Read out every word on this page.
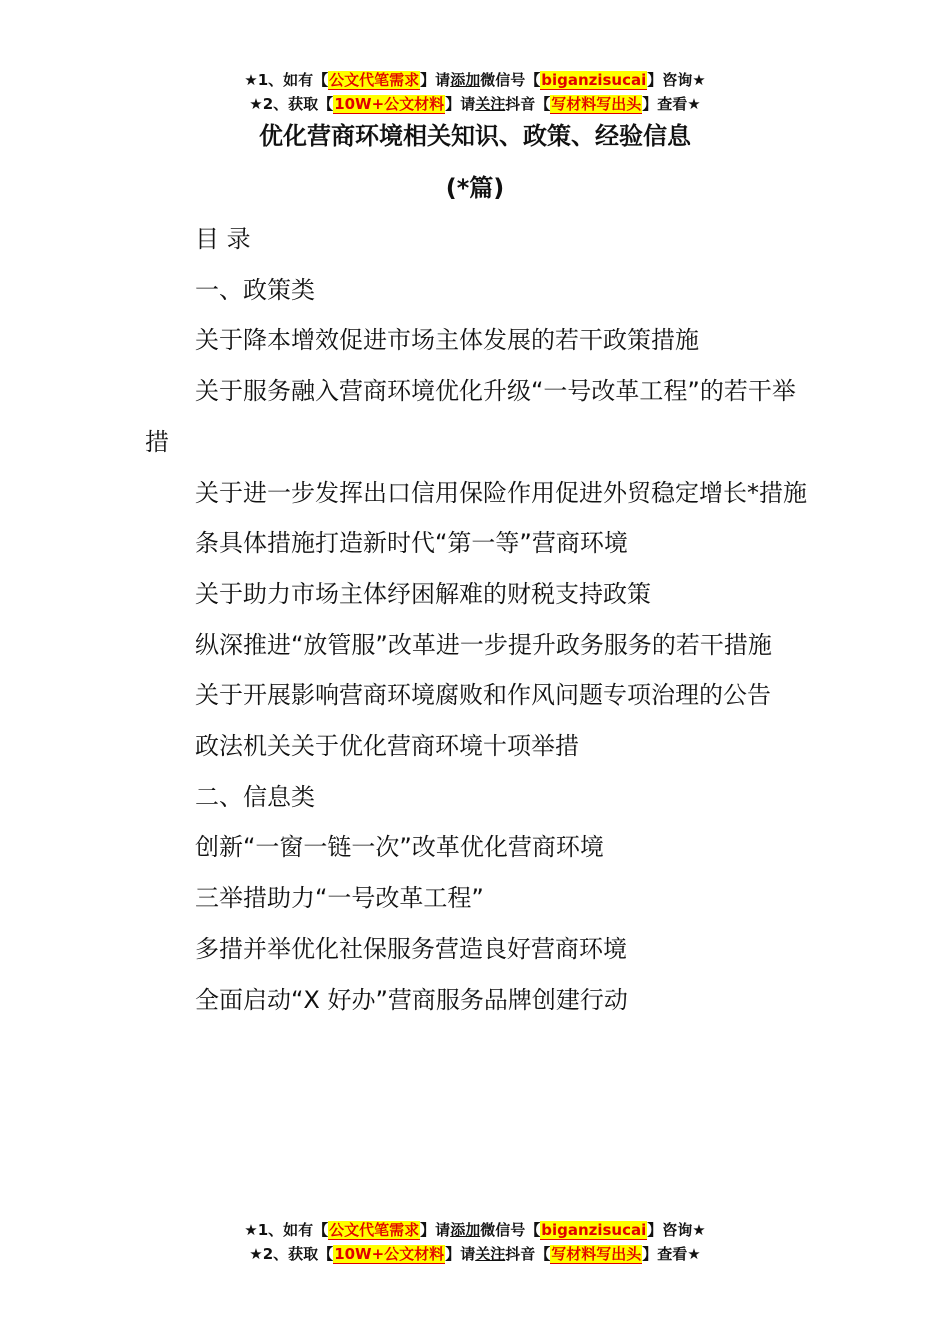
★1、如有【公文代笔需求】请添加微信号【biganzisucai】咨询★
★2、获取【10W+公文材料】请关注抖音【写材料写出头】查看★
优化营商环境相关知识、政策、经验信息
(*篇)

目 录

一、政策类

关于降本增效促进市场主体发展的若干政策措施

关于服务融入营商环境优化升级“一号改革工程”的若干举措

关于进一步发挥出口信用保险作用促进外贸稳定增长*措施

条具体措施打造新时代“第一等”营商环境

关于助力市场主体纾困解难的财税支持政策

纵深推进“放管服”改革进一步提升政务服务的若干措施

关于开展影响营商环境腐败和作风问题专项治理的公告

政法机关关于优化营商环境十项举措

二、信息类

创新“一窗一链一次”改革优化营商环境

三举措助力“一号改革工程”

多措并举优化社保服务营造良好营商环境

全面启动“X 好办”营商服务品牌创建行动

★1、如有【公文代笔需求】请添加微信号【biganzisucai】咨询★
★2、获取【10W+公文材料】请关注抖音【写材料写出头】查看★
